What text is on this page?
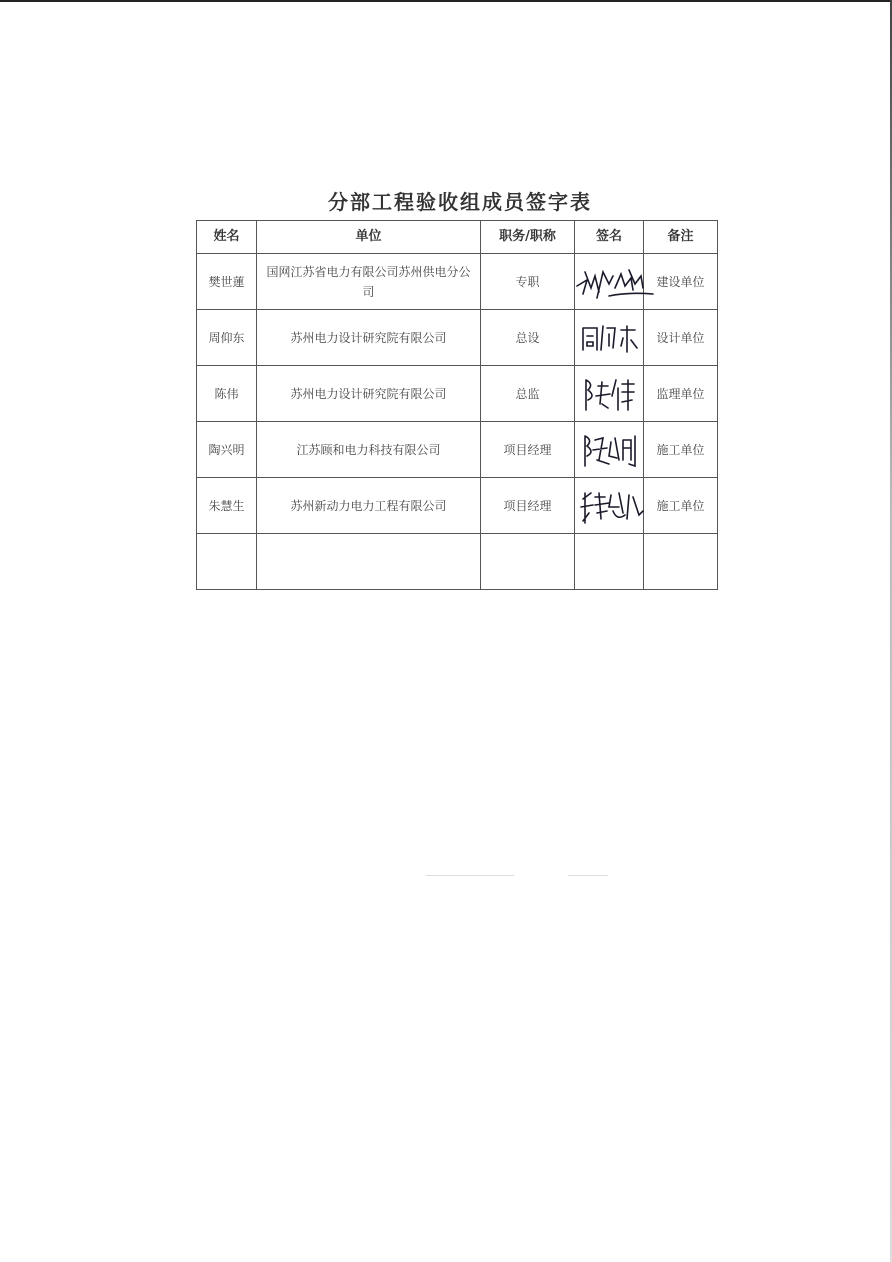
分部工程验收组成员签字表
姓名	单位	职务/职称	签名	备注
樊世蓮	国网江苏省电力有限公司苏州供电分公司	专职		建设单位
周仰东	苏州电力设计研究院有限公司	总设		设计单位
陈伟	苏州电力设计研究院有限公司	总监		监理单位
陶兴明	江苏顾和电力科技有限公司	项目经理		施工单位
朱慧生	苏州新动力电力工程有限公司	项目经理		施工单位
